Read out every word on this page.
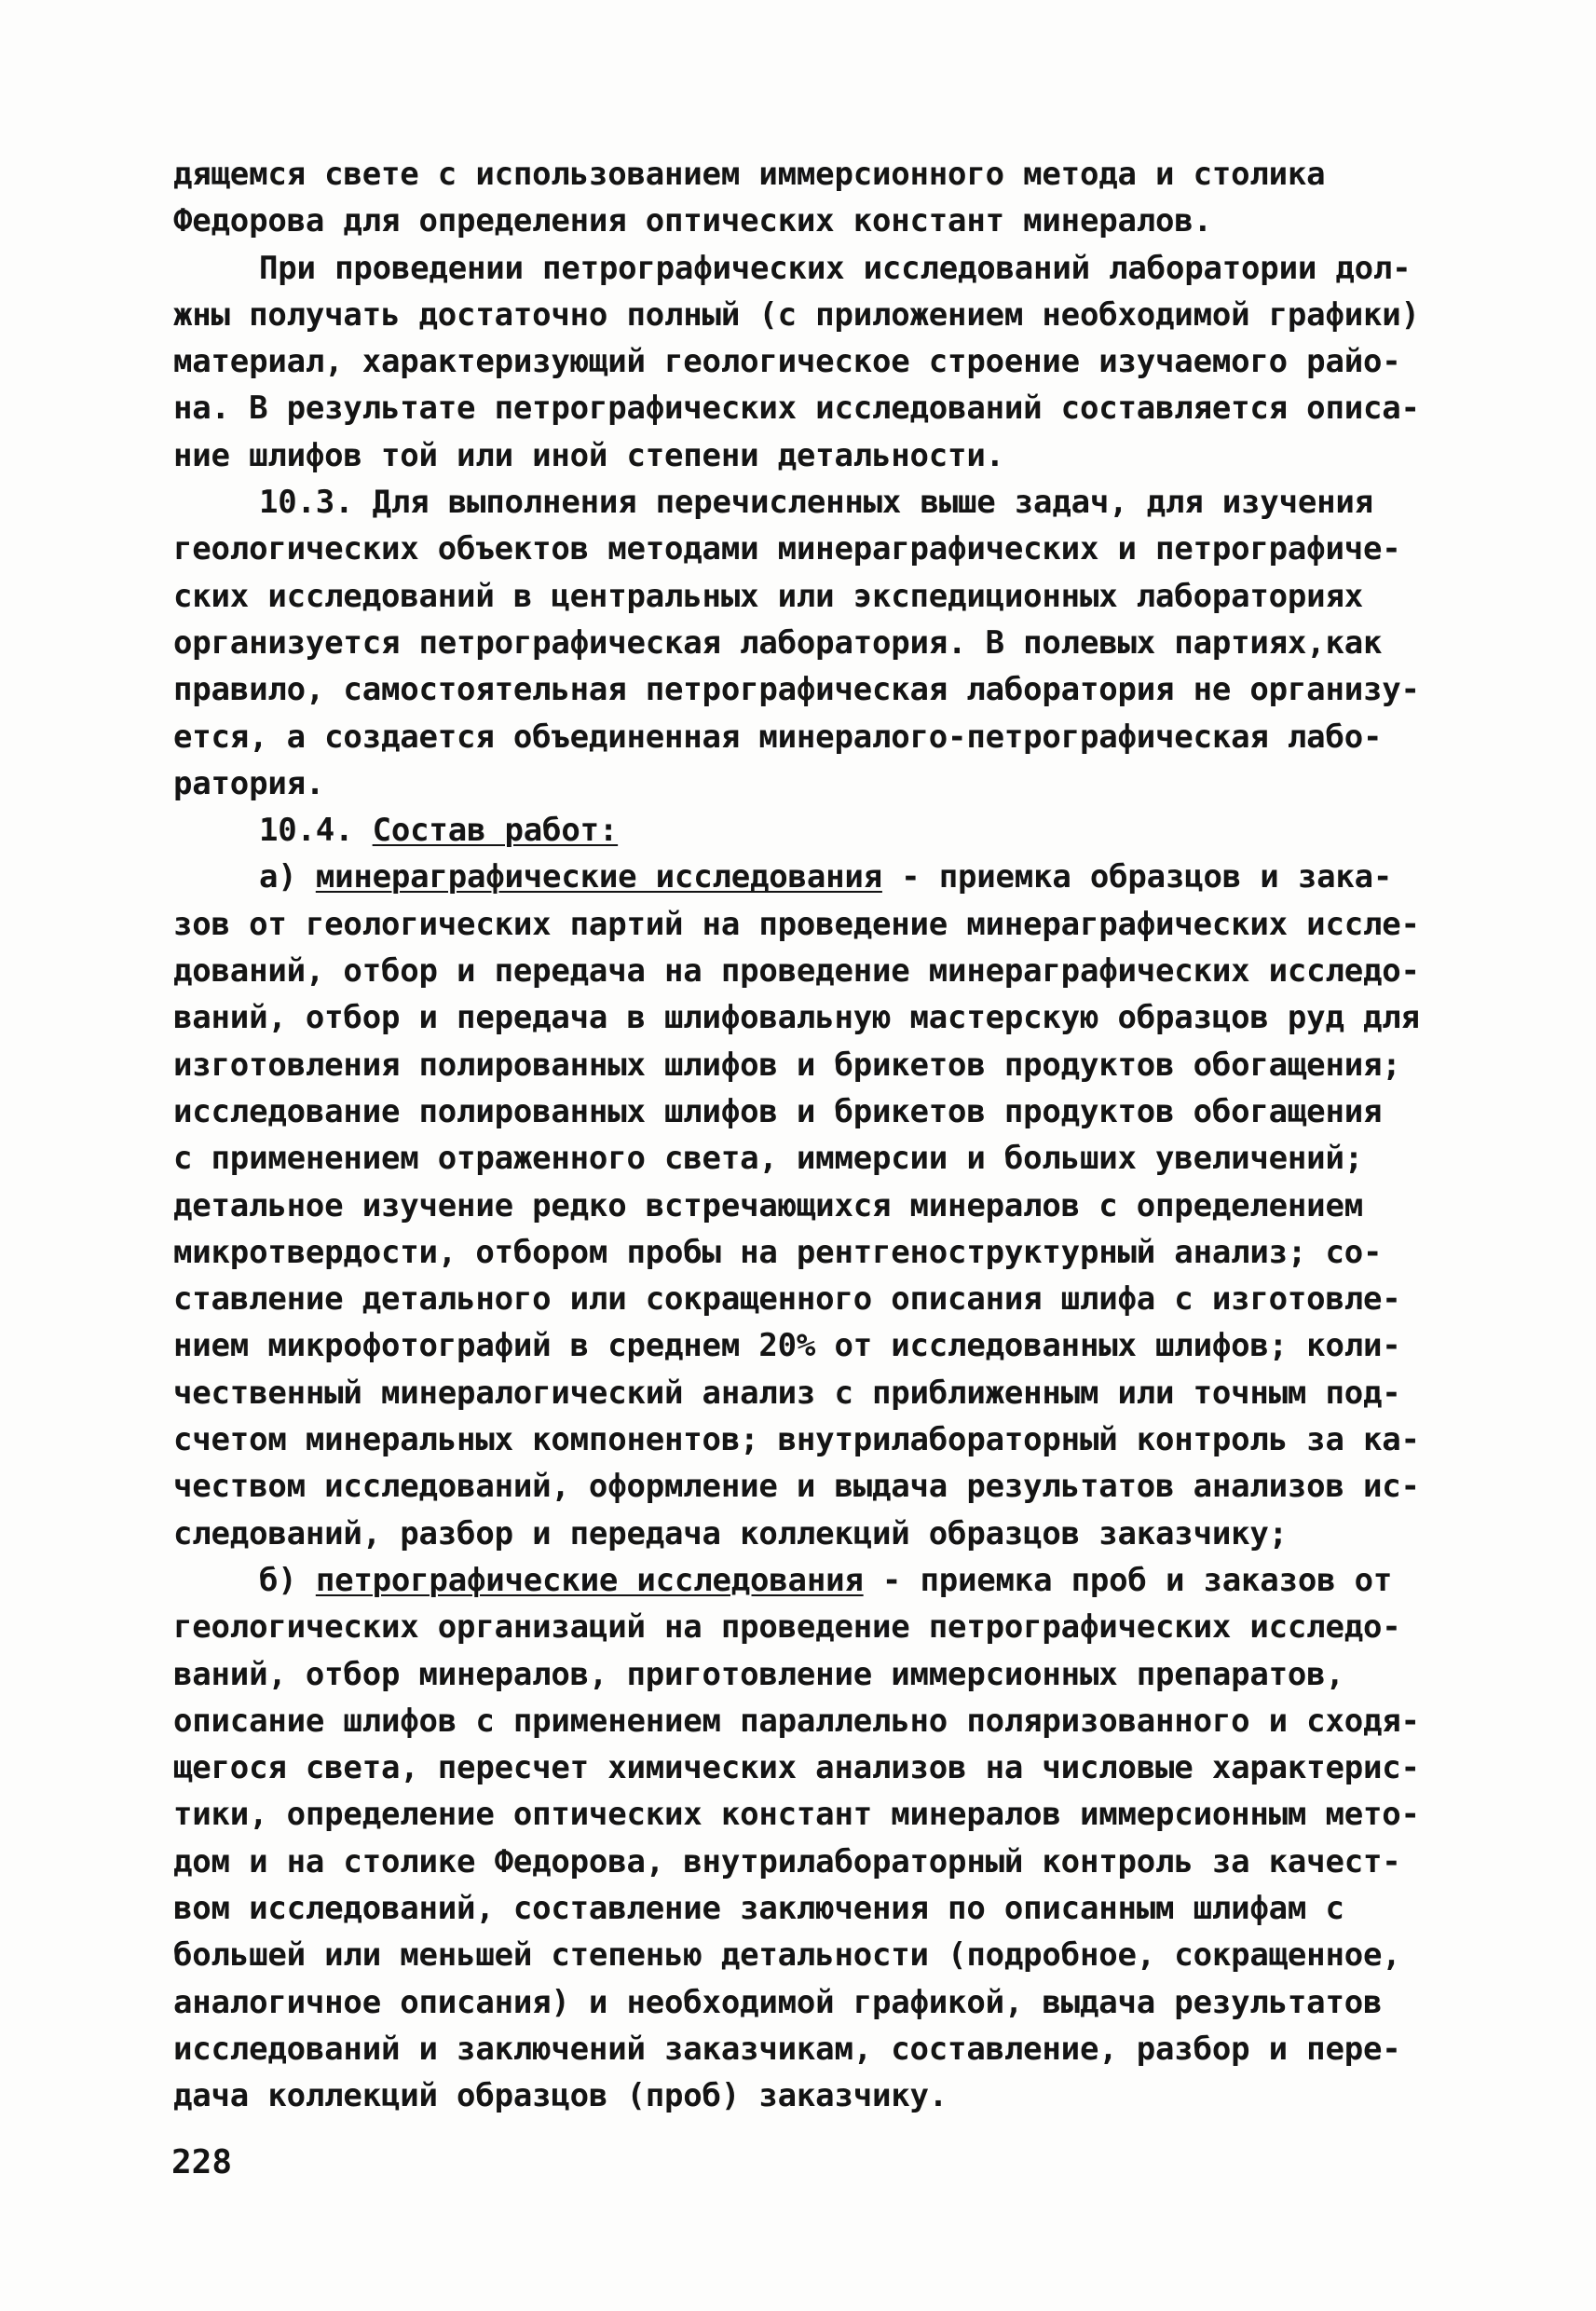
дящемся свете с использованием иммерсионного метода и столика
Федорова для определения оптических констант минералов.
При проведении петрографических исследований лаборатории дол-
жны получать достаточно полный (с приложением необходимой графики)
материал, характеризующий геологическое строение изучаемого райо-
на. В результате петрографических исследований составляется описа-
ние шлифов той или иной степени детальности.
10.3. Для выполнения перечисленных выше задач, для изучения
геологических объектов методами минераграфических и петрографиче-
ских исследований в центральных или экспедиционных лабораториях
организуется петрографическая лаборатория. В полевых партиях,как
правило, самостоятельная петрографическая лаборатория не организу-
ется, а создается объединенная минералого-петрографическая лабо-
ратория.
10.4. Состав работ:
а) минераграфические исследования - приемка образцов и зака-
зов от геологических партий на проведение минераграфических иссле-
дований, отбор и передача на проведение минераграфических исследо-
ваний, отбор и передача в шлифовальную мастерскую образцов руд для
изготовления полированных шлифов и брикетов продуктов обогащения;
исследование полированных шлифов и брикетов продуктов обогащения
с применением отраженного света, иммерсии и больших увеличений;
детальное изучение редко встречающихся минералов с определением
микротвердости, отбором пробы на рентгеноструктурный анализ; со-
ставление детального или сокращенного описания шлифа с изготовле-
нием микрофотографий в среднем 20% от исследованных шлифов; коли-
чественный минералогический анализ с приближенным или точным под-
счетом минеральных компонентов; внутрилабораторный контроль за ка-
чеством исследований, оформление и выдача результатов анализов ис-
следований, разбор и передача коллекций образцов заказчику;
б) петрографические исследования - приемка проб и заказов от
геологических организаций на проведение петрографических исследо-
ваний, отбор минералов, приготовление иммерсионных препаратов,
описание шлифов с применением параллельно поляризованного и сходя-
щегося света, пересчет химических анализов на числовые характерис-
тики, определение оптических констант минералов иммерсионным мето-
дом и на столике Федорова, внутрилабораторный контроль за качест-
вом исследований, составление заключения по описанным шлифам с
большей или меньшей степенью детальности (подробное, сокращенное,
аналогичное описания) и необходимой графикой, выдача результатов
исследований и заключений заказчикам, составление, разбор и пере-
дача коллекций образцов (проб) заказчику.
228
